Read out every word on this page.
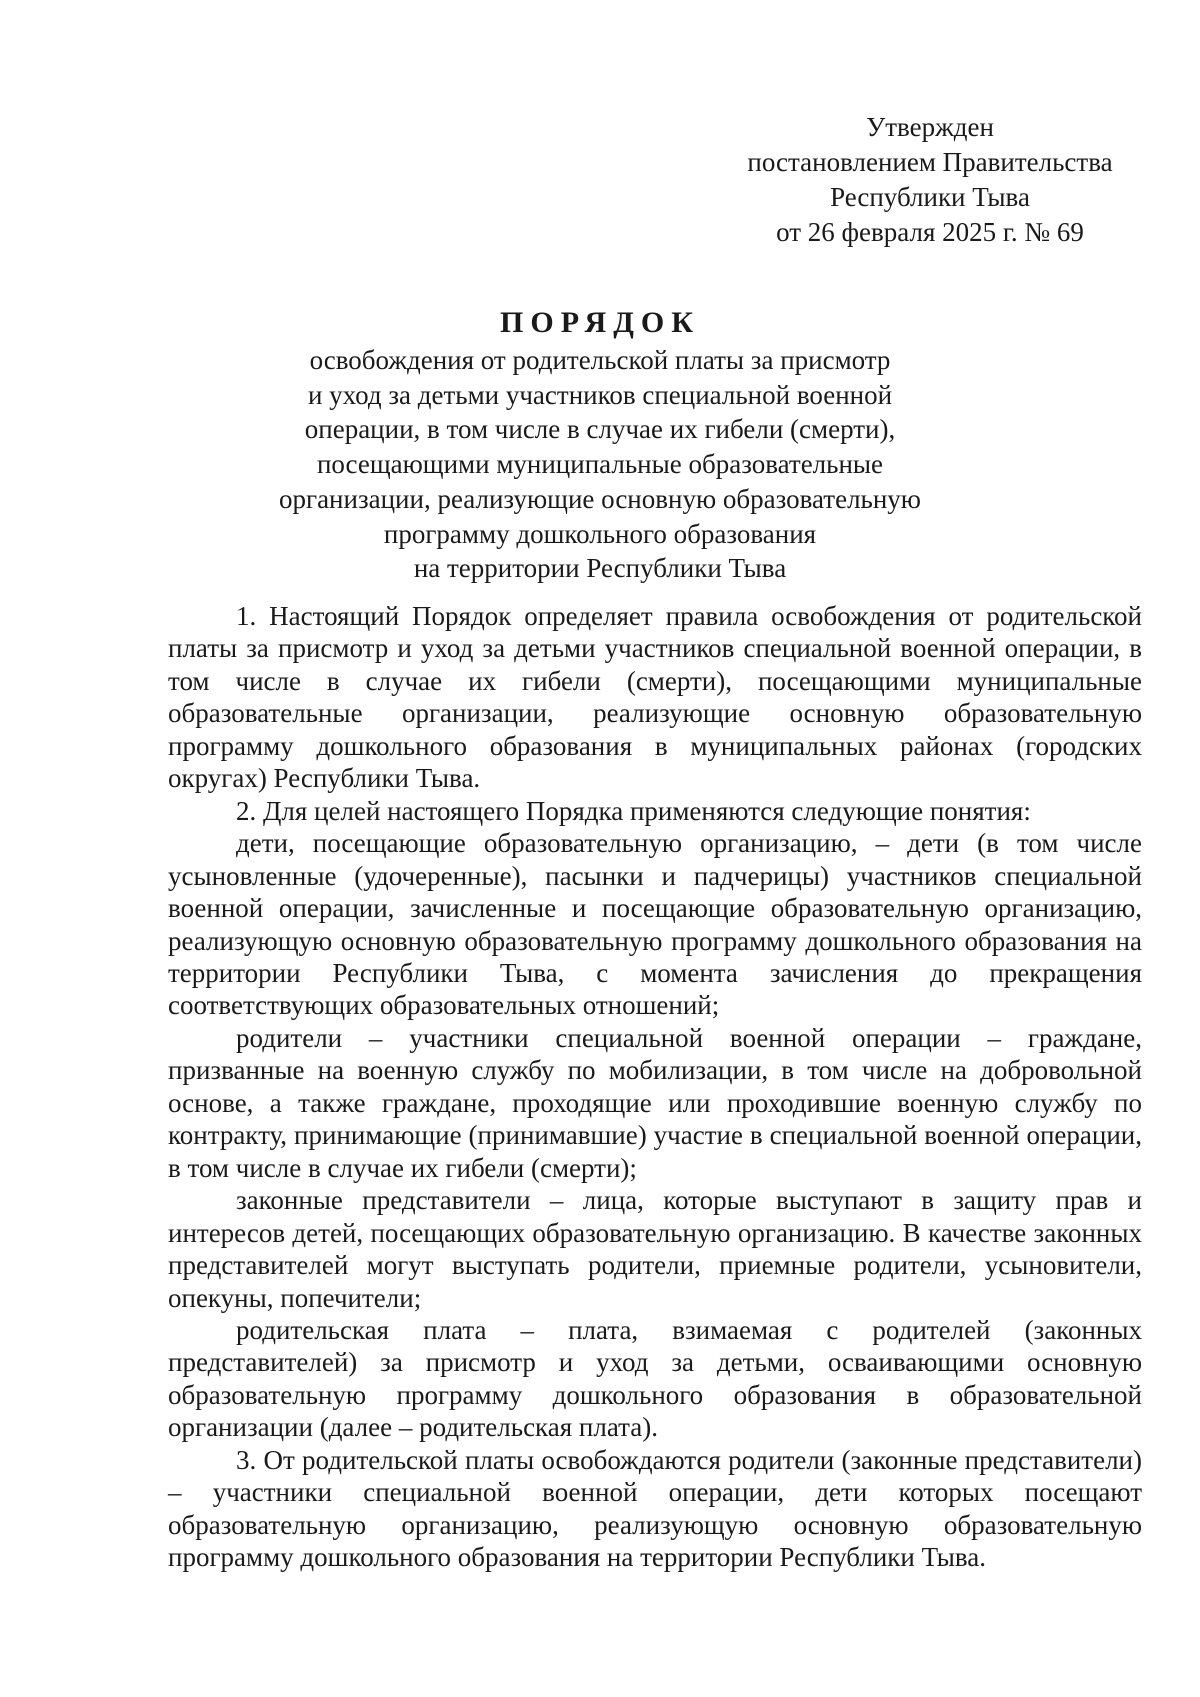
Утвержден
постановлением Правительства
Республики Тыва
от 26 февраля 2025 г. № 69
ПОРЯДОК
освобождения от родительской платы за присмотр
и уход за детьми участников специальной военной
операции, в том числе в случае их гибели (смерти),
посещающими муниципальные образовательные
организации, реализующие основную образовательную
программу дошкольного образования
на территории Республики Тыва

1. Настоящий Порядок определяет правила освобождения от родительской платы за присмотр и уход за детьми участников специальной военной операции, в том числе в случае их гибели (смерти), посещающими муниципальные образовательные организации, реализующие основную образовательную программу дошкольного образования в муниципальных районах (городских округах) Республики Тыва.

2. Для целей настоящего Порядка применяются следующие понятия:

дети, посещающие образовательную организацию, – дети (в том числе усыновленные (удочеренные), пасынки и падчерицы) участников специальной военной операции, зачисленные и посещающие образовательную организацию, реализующую основную образовательную программу дошкольного образования на территории Республики Тыва, с момента зачисления до прекращения соответствующих образовательных отношений;

родители – участники специальной военной операции – граждане, призванные на военную службу по мобилизации, в том числе на добровольной основе, а также граждане, проходящие или проходившие военную службу по контракту, принимающие (принимавшие) участие в специальной военной операции, в том числе в случае их гибели (смерти);

законные представители – лица, которые выступают в защиту прав и интересов детей, посещающих образовательную организацию. В качестве законных представителей могут выступать родители, приемные родители, усыновители, опекуны, попечители;

родительская плата – плата, взимаемая с родителей (законных представителей) за присмотр и уход за детьми, осваивающими основную образовательную программу дошкольного образования в образовательной организации (далее – родительская плата).

3. От родительской платы освобождаются родители (законные представители) – участники специальной военной операции, дети которых посещают образовательную организацию, реализующую основную образовательную программу дошкольного образования на территории Республики Тыва.
